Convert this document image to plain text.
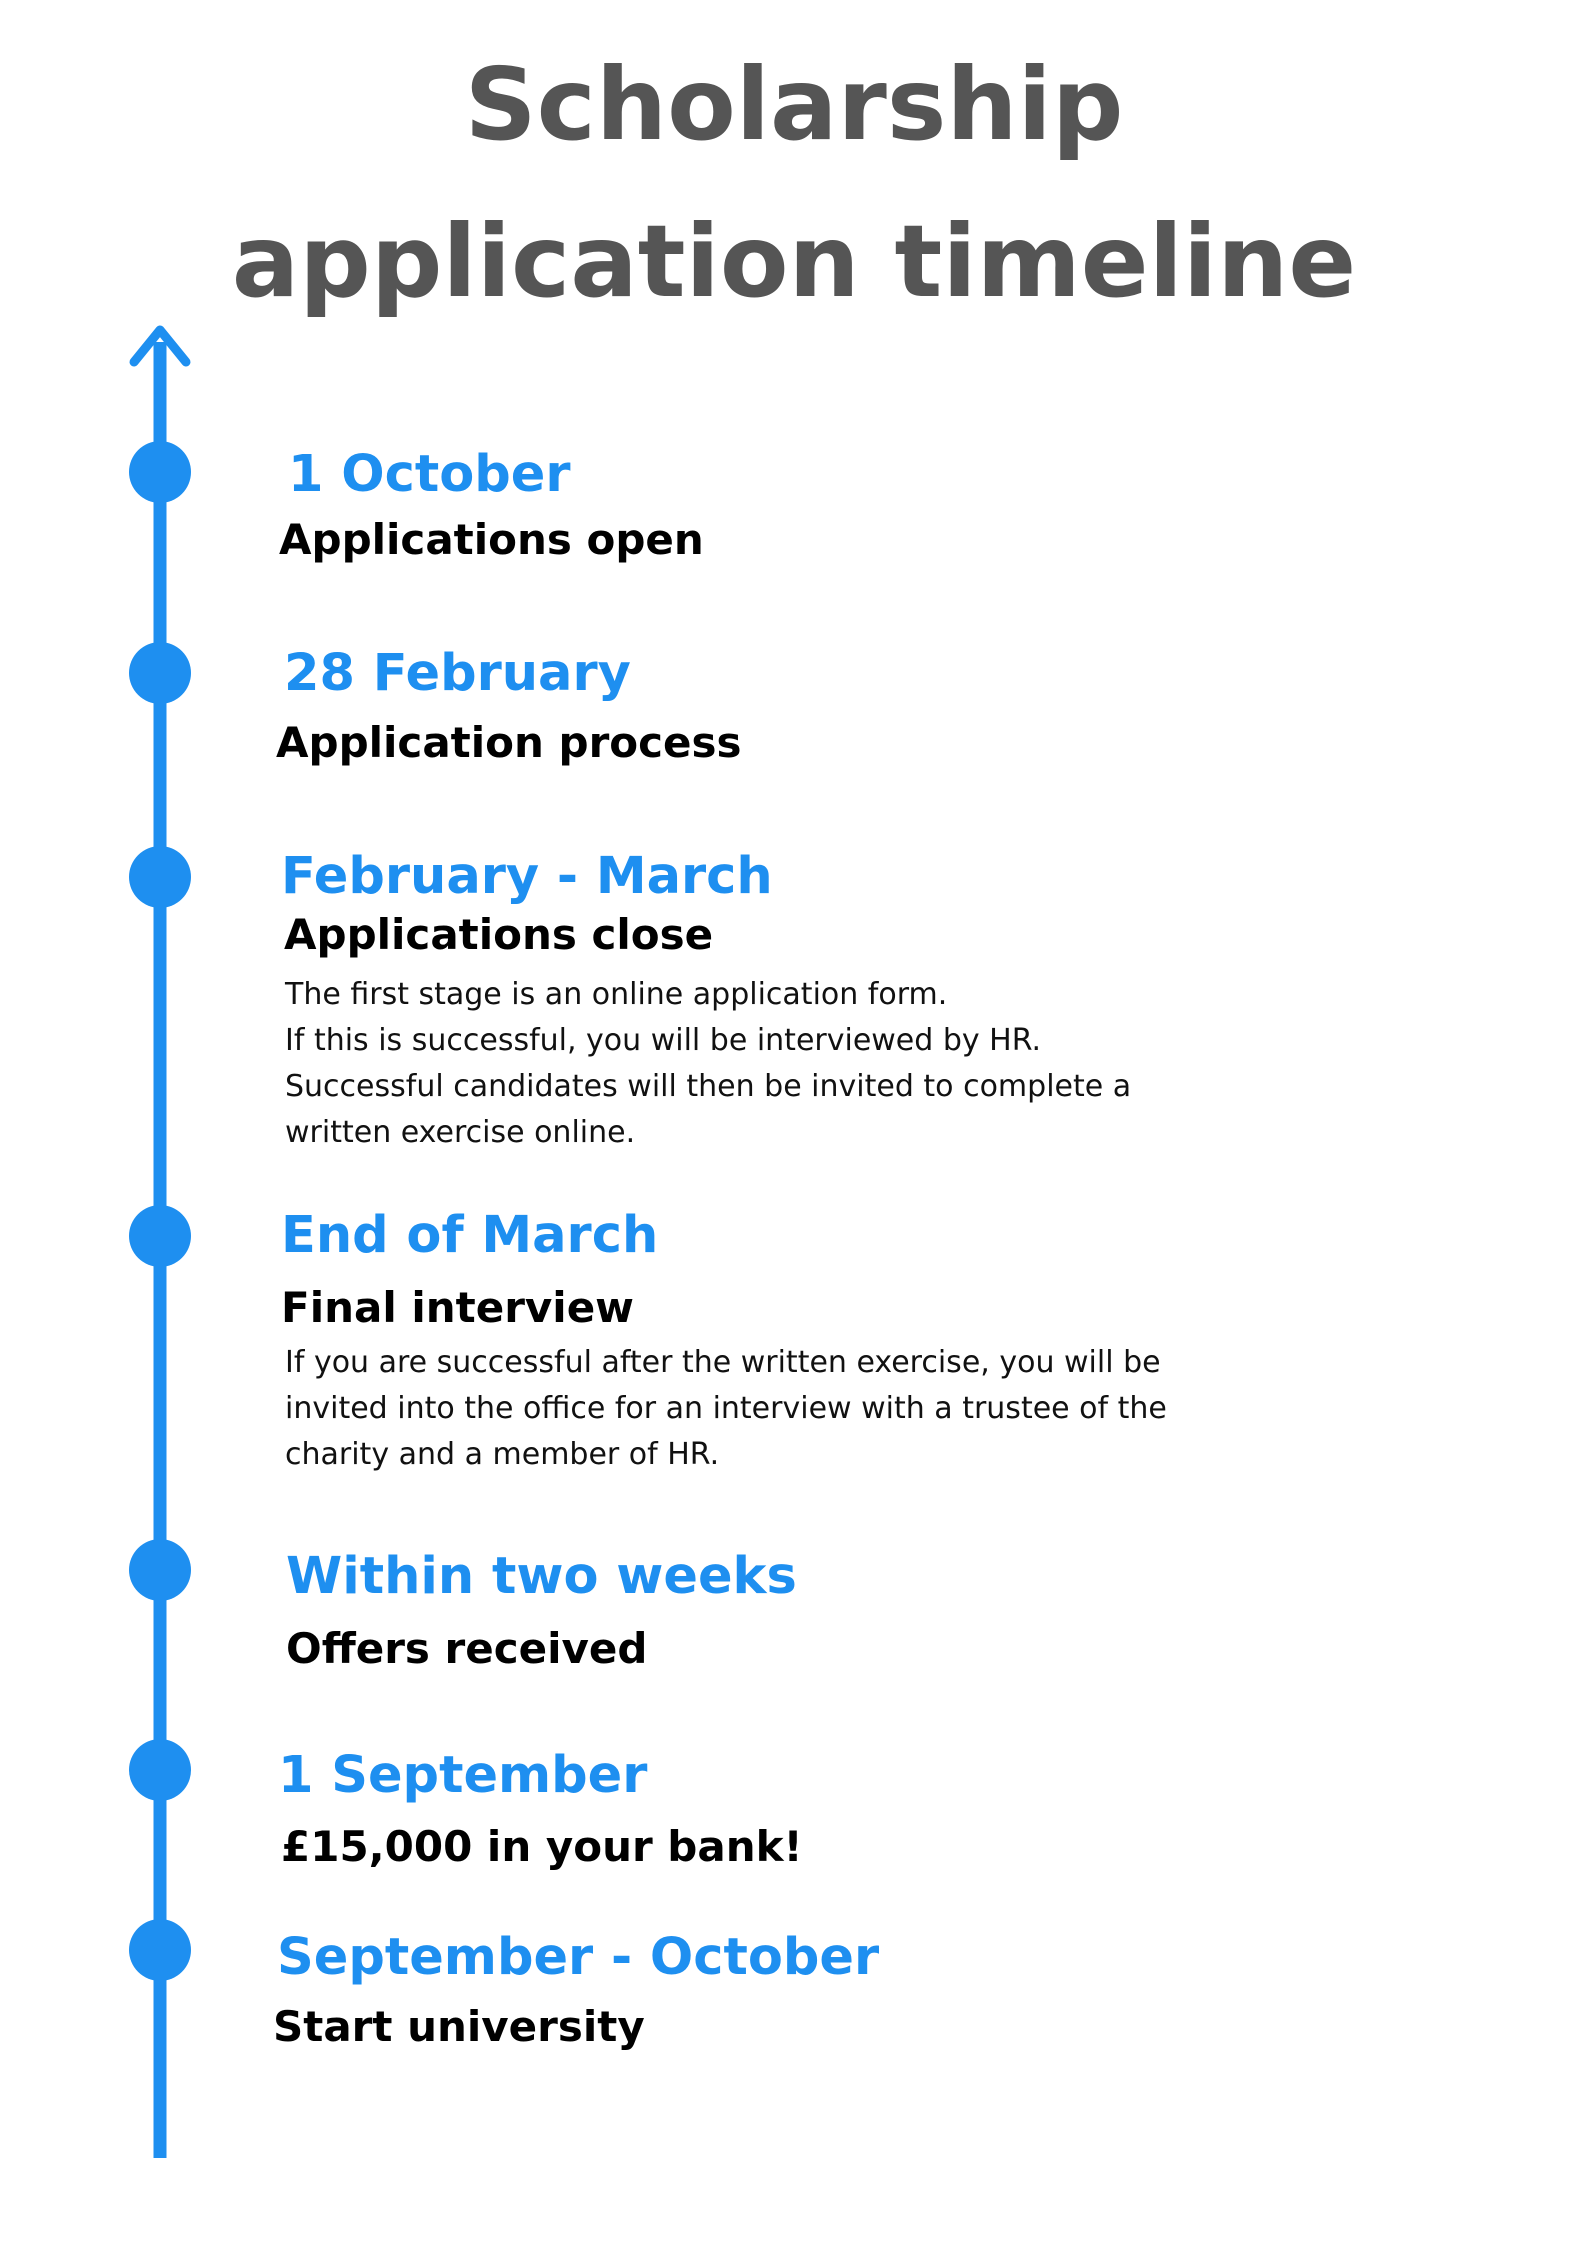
Scholarship
application timeline
1 October
Applications open
28 February
Application process
February - March
Applications close
The first stage is an online application form.
If this is successful, you will be interviewed by HR.
Successful candidates will then be invited to complete a
written exercise online.
End of March
Final interview
If you are successful after the written exercise, you will be
invited into the office for an interview with a trustee of the
charity and a member of HR.
Within two weeks
Offers received
1 September
£15,000 in your bank!
September - October
Start university
